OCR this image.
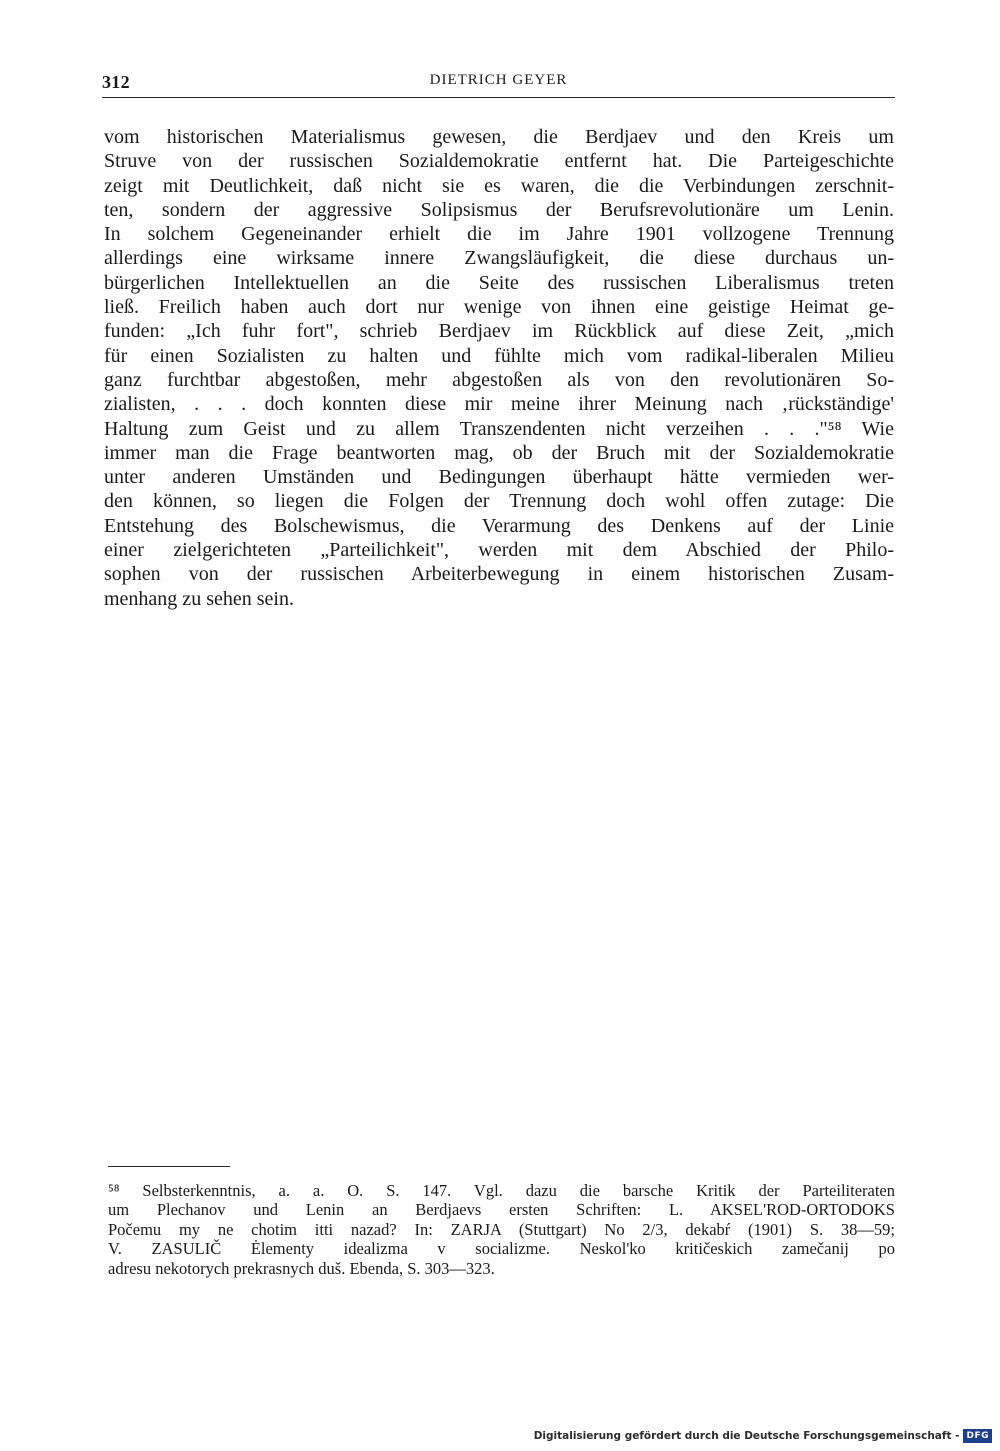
312	DIETRICH GEYER
vom historischen Materialismus gewesen, die Berdjaev und den Kreis um
Struve von der russischen Sozialdemokratie entfernt hat. Die Parteigeschichte
zeigt mit Deutlichkeit, daß nicht sie es waren, die die Verbindungen zerschnit-
ten, sondern der aggressive Solipsismus der Berufsrevolutionäre um Lenin.
In solchem Gegeneinander erhielt die im Jahre 1901 vollzogene Trennung
allerdings eine wirksame innere Zwangsläufigkeit, die diese durchaus un-
bürgerlichen Intellektuellen an die Seite des russischen Liberalismus treten
ließ. Freilich haben auch dort nur wenige von ihnen eine geistige Heimat ge-
funden: „Ich fuhr fort", schrieb Berdjaev im Rückblick auf diese Zeit, „mich
für einen Sozialisten zu halten und fühlte mich vom radikal-liberalen Milieu
ganz furchtbar abgestoßen, mehr abgestoßen als von den revolutionären So-
zialisten, . . . doch konnten diese mir meine ihrer Meinung nach ‚rückständige'
Haltung zum Geist und zu allem Transzendenten nicht verzeihen . . ."⁵⁸ Wie
immer man die Frage beantworten mag, ob der Bruch mit der Sozialdemokratie
unter anderen Umständen und Bedingungen überhaupt hätte vermieden wer-
den können, so liegen die Folgen der Trennung doch wohl offen zutage: Die
Entstehung des Bolschewismus, die Verarmung des Denkens auf der Linie
einer zielgerichteten „Parteilichkeit", werden mit dem Abschied der Philo-
sophen von der russischen Arbeiterbewegung in einem historischen Zusam-
menhang zu sehen sein.
⁵⁸ Selbsterkenntnis, a. a. O. S. 147. Vgl. dazu die barsche Kritik der Parteiliteraten
um Plechanov und Lenin an Berdjaevs ersten Schriften: L. AKSEL'ROD-ORTODOKS
Počemu my ne chotim itti nazad? In: ZARJA (Stuttgart) No 2/3, dekabŕ (1901) S. 38—59;
V. ZASULIČ Ėlementy idealizma v socializme. Neskol'ko kritičeskich zamečanij po
adresu nekotorych prekrasnych duš. Ebenda, S. 303—323.
Digitalisierung gefördert durch die Deutsche Forschungsgemeinschaft - DFG
